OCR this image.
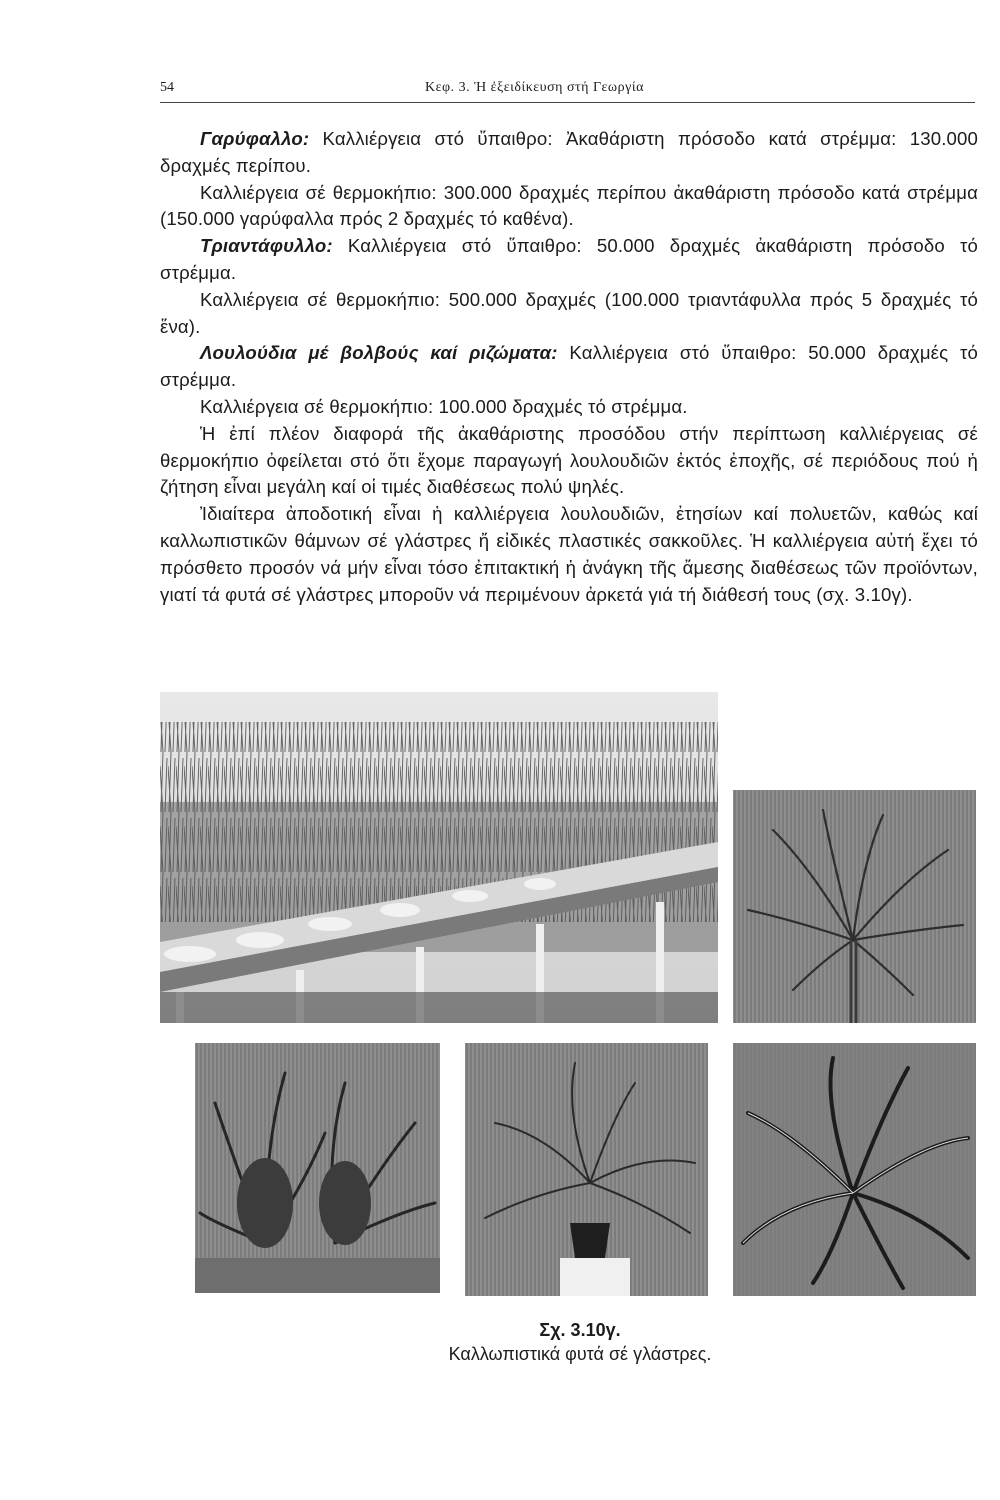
54	Κεφ. 3. Ἡ ἐξειδίκευση στή Γεωργία

Γαρύφαλλο: Καλλιέργεια στό ὕπαιθρο: Ἀκαθάριστη πρόσοδο κατά στρέμμα: 130.000 δραχμές περίπου.

Καλλιέργεια σέ θερμοκήπιο: 300.000 δραχμές περίπου ἀκαθάριστη πρόσοδο κατά στρέμμα (150.000 γαρύφαλλα πρός 2 δραχμές τό καθένα).

Τριαντάφυλλο: Καλλιέργεια στό ὕπαιθρο: 50.000 δραχμές ἀκαθάριστη πρόσοδο τό στρέμμα.

Καλλιέργεια σέ θερμοκήπιο: 500.000 δραχμές (100.000 τριαντάφυλλα πρός 5 δραχμές τό ἕνα).

Λουλούδια μέ βολβούς καί ριζώματα: Καλλιέργεια στό ὕπαιθρο: 50.000 δραχμές τό στρέμμα.

Καλλιέργεια σέ θερμοκήπιο: 100.000 δραχμές τό στρέμμα.

Ἡ ἐπί πλέον διαφορά τῆς ἀκαθάριστης προσόδου στήν περίπτωση καλλιέργειας σέ θερμοκήπιο ὀφείλεται στό ὅτι ἔχομε παραγωγή λουλουδιῶν ἐκτός ἐποχῆς, σέ περιόδους πού ἡ ζήτηση εἶναι μεγάλη καί οἱ τιμές διαθέσεως πολύ ψηλές.

Ἰδιαίτερα ἀποδοτική εἶναι ἡ καλλιέργεια λουλουδιῶν, ἐτησίων καί πολυετῶν, καθώς καί καλλωπιστικῶν θάμνων σέ γλάστρες ἤ εἰδικές πλαστικές σακκοῦλες. Ἡ καλλιέργεια αὐτή ἔχει τό πρόσθετο προσόν νά μήν εἶναι τόσο ἐπιτακτική ἡ ἀνάγκη τῆς ἄμεσης διαθέσεως τῶν προϊόντων, γιατί τά φυτά σέ γλάστρες μποροῦν νά περιμένουν ἀρκετά γιά τή διάθεσή τους (σχ. 3.10γ).

Σχ. 3.10γ.
Καλλωπιστικά φυτά σέ γλάστρες.
